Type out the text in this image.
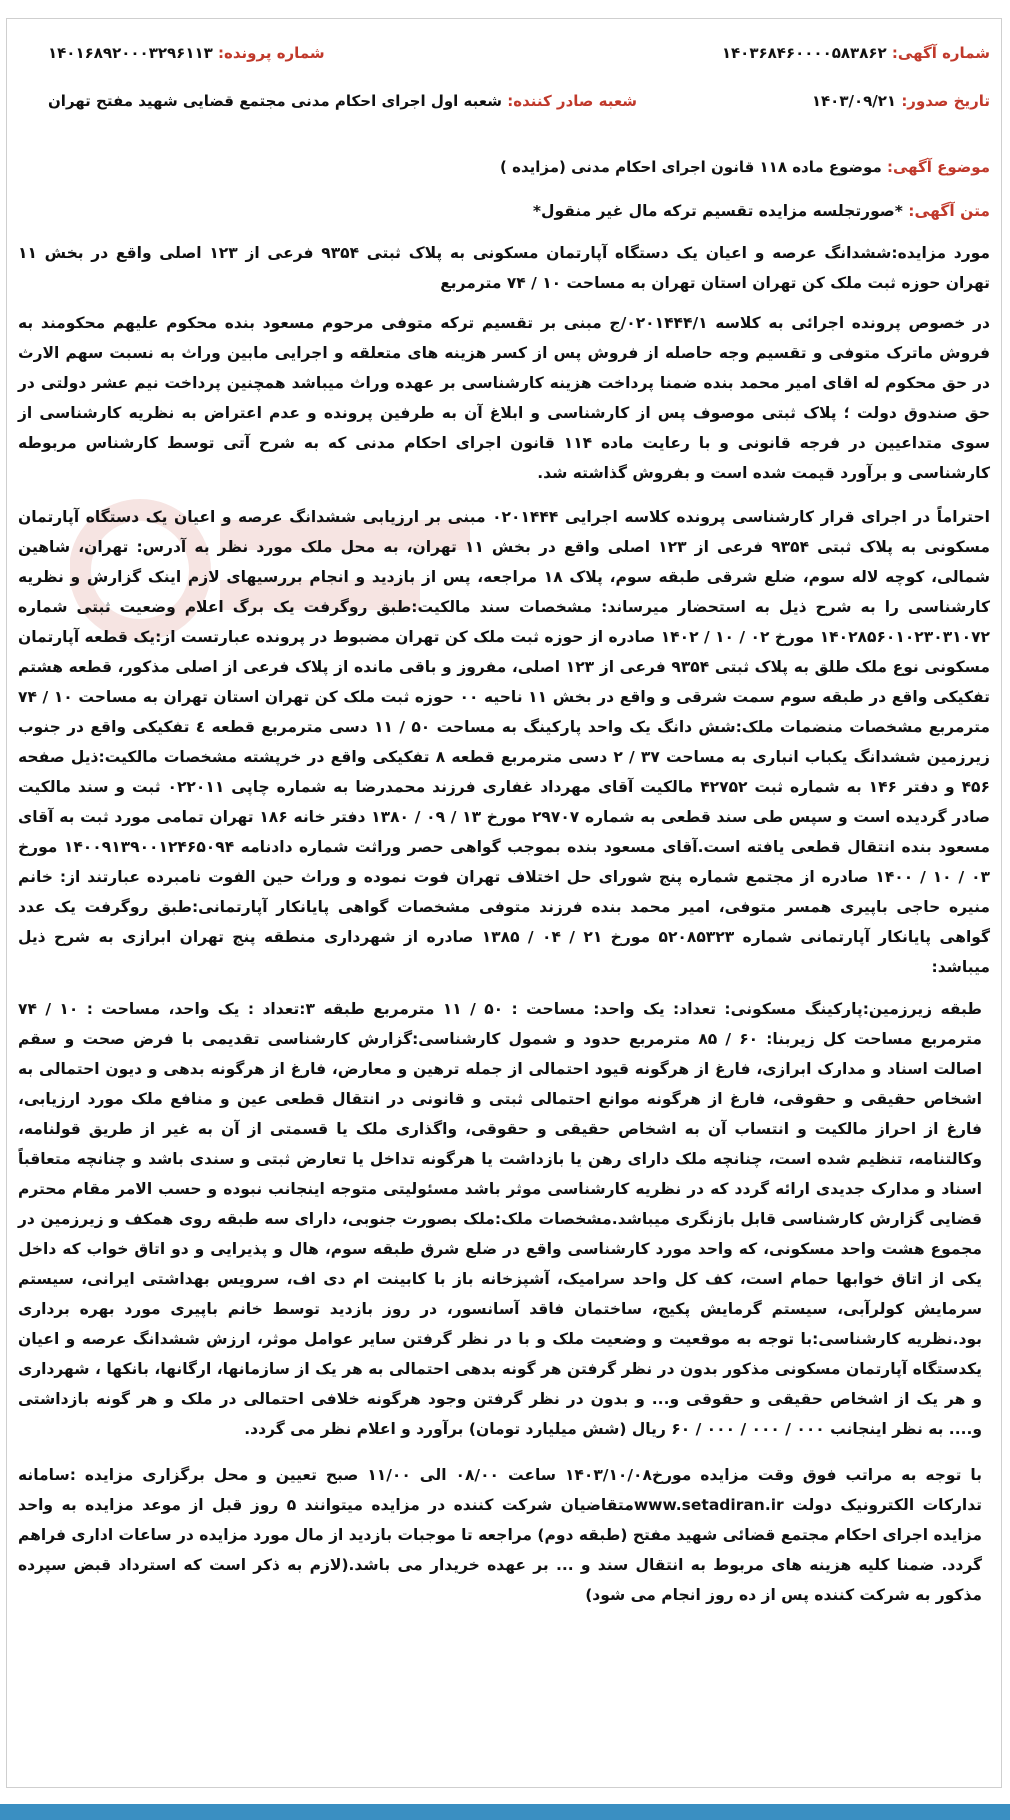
شماره آگهی: ۱۴۰۳۶۸۴۶۰۰۰۰۵۸۳۸۶۲
شماره پرونده: ۱۴۰۱۶۸۹۲۰۰۰۳۲۹۶۱۱۳
تاریخ صدور: ۱۴۰۳/۰۹/۲۱
شعبه صادر کننده: شعبه اول اجرای احکام مدنی مجتمع قضایی شهید مفتح تهران
موضوع آگهی: موضوع ماده ۱۱۸ قانون اجرای احکام مدنی (مزایده )
متن آگهی: *صورتجلسه مزایده تقسیم ترکه مال غیر منقول*

مورد مزایده:ششدانگ عرصه و اعیان یک دستگاه آپارتمان مسکونی به پلاک ثبتی ۹۳۵۴ فرعی از ۱۲۳ اصلی واقع در بخش ۱۱ تهران حوزه ثبت ملک کن تهران استان تهران به مساحت ۱۰ / ۷۴ مترمربع

در خصوص پرونده اجرائی به کلاسه ۰۲۰۱۴۴۴/۱/ج مبنی بر تقسیم ترکه متوفی مرحوم مسعود بنده محکوم علیهم محکومند به فروش ماترک متوفی و تقسیم وجه حاصله از فروش پس از کسر هزینه های متعلقه و اجرایی مابین وراث به نسبت سهم الارث در حق محکوم له اقای امیر محمد بنده ضمنا پرداخت هزینه کارشناسی بر عهده وراث میباشد همچنین پرداخت نیم عشر دولتی در حق صندوق دولت ؛ پلاک ثبتی موصوف پس از کارشناسی و ابلاغ آن به طرفین پرونده و عدم اعتراض به نظریه کارشناسی از سوی متداعیین در فرجه قانونی و با رعایت ماده ۱۱۴ قانون اجرای احکام مدنی که به شرح آتی توسط کارشناس مربوطه کارشناسی و برآورد قیمت شده است و بفروش گذاشته شد.

احتراماً در اجرای قرار کارشناسی پرونده کلاسه اجرایی ۰۲۰۱۴۴۴ مبنی بر ارزیابی ششدانگ عرصه و اعیان یک دستگاه آپارتمان مسکونی به پلاک ثبتی ۹۳۵۴ فرعی از ۱۲۳ اصلی واقع در بخش ۱۱ تهران، به محل ملک مورد نظر به آدرس: تهران، شاهین شمالی، کوچه لاله سوم، ضلع شرقی طبقه سوم، پلاک ۱۸ مراجعه، پس از بازدید و انجام بررسیهای لازم اینک گزارش و نظریه کارشناسی را به شرح ذیل به استحضار میرساند: مشخصات سند مالکیت:طبق روگرفت یک برگ اعلام وضعیت ثبتی شماره ۱۴۰۲۸۵۶۰۱۰۲۳۰۳۱۰۷۲ مورخ ۰۲ / ۱۰ / ۱۴۰۲ صادره از حوزه ثبت ملک کن تهران مضبوط در پرونده عبارتست از:یک قطعه آپارتمان مسکونی نوع ملک طلق به پلاک ثبتی ۹۳۵۴ فرعی از ۱۲۳ اصلی، مفروز و باقی مانده از پلاک فرعی از اصلی مذکور، قطعه هشتم تفکیکی واقع در طبقه سوم سمت شرقی و واقع در بخش ۱۱ ناحیه ۰۰ حوزه ثبت ملک کن تهران استان تهران به مساحت ۱۰ / ۷۴ مترمربع مشخصات منضمات ملک:شش دانگ یک واحد پارکینگ به مساحت ۵۰ / ۱۱ دسی مترمربع قطعه ٤ تفکیکی واقع در جنوب زیرزمین ششدانگ یکباب انباری به مساحت ۳۷ / ۲ دسی مترمربع قطعه ۸ تفکیکی واقع در خرپشته مشخصات مالکیت:ذیل صفحه ۴۵۶ و دفتر ۱۴۶ به شماره ثبت ۴۲۷۵۲ مالکیت آقای مهرداد غفاری فرزند محمدرضا به شماره چاپی ۰۲۲۰۱۱ ثبت و سند مالکیت صادر گردیده است و سپس طی سند قطعی به شماره ۲۹۷۰۷ مورخ ۱۳ / ۰۹ / ۱۳۸۰ دفتر خانه ۱۸۶ تهران تمامی مورد ثبت به آقای مسعود بنده انتقال قطعی یافته است.آقای مسعود بنده بموجب گواهی حصر وراثت شماره دادنامه ۱۴۰۰۹۱۳۹۰۰۱۲۴۶۵۰۹۴ مورخ ۰۳ / ۱۰ / ۱۴۰۰ صادره از مجتمع شماره پنج شورای حل اختلاف تهران فوت نموده و وراث حین الفوت نامبرده عبارتند از: خانم منیره حاجی باپیری همسر متوفی، امیر محمد بنده فرزند متوفی مشخصات گواهی پایانکار آپارتمانی:طبق روگرفت یک عدد گواهی پایانکار آپارتمانی شماره ۵۲۰۸۵۳۲۳ مورخ ۲۱ / ۰۴ / ۱۳۸۵ صادره از شهرداری منطقه پنج تهران ابرازی به شرح ذیل میباشد:

طبقه زیرزمین:پارکینگ مسکونی: تعداد: یک واحد: مساحت : ۵۰ / ۱۱ مترمربع طبقه ۳:تعداد : یک واحد، مساحت : ۱۰ / ۷۴ مترمربع مساحت کل زیربنا: ۶۰ / ۸۵ مترمربع حدود و شمول کارشناسی:گزارش کارشناسی تقدیمی با فرض صحت و سقم اصالت اسناد و مدارک ابرازی، فارغ از هرگونه قیود احتمالی از جمله ترهین و معارض، فارغ از هرگونه بدهی و دیون احتمالی به اشخاص حقیقی و حقوقی، فارغ از هرگونه موانع احتمالی ثبتی و قانونی در انتقال قطعی عین و منافع ملک مورد ارزیابی، فارغ از احراز مالکیت و انتساب آن به اشخاص حقیقی و حقوقی، واگذاری ملک یا قسمتی از آن به غیر از طریق قولنامه، وکالتنامه، تنظیم شده است، چنانچه ملک دارای رهن یا بازداشت یا هرگونه تداخل یا تعارض ثبتی و سندی باشد و چنانچه متعاقباً اسناد و مدارک جدیدی ارائه گردد که در نظریه کارشناسی موثر باشد مسئولیتی متوجه اینجانب نبوده و حسب الامر مقام محترم قضایی گزارش کارشناسی قابل بازنگری میباشد.مشخصات ملک:ملک بصورت جنوبی، دارای سه طبقه روی همکف و زیرزمین در مجموع هشت واحد مسکونی، که واحد مورد کارشناسی واقع در ضلع شرق طبقه سوم، هال و پذیرایی و دو اتاق خواب که داخل یکی از اتاق خوابها حمام است، کف کل واحد سرامیک، آشپزخانه باز با کابینت ام دی اف، سرویس بهداشتی ایرانی، سیستم سرمایش کولرآبی، سیستم گرمایش پکیج، ساختمان فاقد آسانسور، در روز بازدید توسط خانم باپیری مورد بهره برداری بود.نظریه کارشناسی:با توجه به موقعیت و وضعیت ملک و با در نظر گرفتن سایر عوامل موثر، ارزش ششدانگ عرصه و اعیان یکدستگاه آپارتمان مسکونی مذکور بدون در نظر گرفتن هر گونه بدهی احتمالی به هر یک از سازمانها، ارگانها، بانکها ، شهرداری و هر یک از اشخاص حقیقی و حقوقی و... و بدون در نظر گرفتن وجود هرگونه خلافی احتمالی در ملک و هر گونه بازداشتی و.... به نظر اینجانب ۰۰۰ / ۰۰۰ / ۰۰۰ / ۶۰ ریال (شش میلیارد تومان) برآورد و اعلام نظر می گردد.

با توجه به مراتب فوق وقت مزایده مورخ۱۴۰۳/۱۰/۰۸ ساعت ۰۸/۰۰ الی ۱۱/۰۰ صبح تعیین و محل برگزاری مزایده :سامانه تدارکات الکترونیک دولت www.setadiran.irمتقاضیان شرکت کننده در مزایده میتوانند ۵ روز قبل از موعد مزایده به واحد مزایده اجرای احکام مجتمع قضائی شهید مفتح (طبقه دوم) مراجعه تا موجبات بازدید از مال مورد مزایده در ساعات اداری فراهم گردد. ضمنا کلیه هزینه های مربوط به انتقال سند و ... بر عهده خریدار می باشد.(لازم به ذکر است که استرداد قبض سپرده مذکور به شرکت کننده پس از ده روز انجام می شود)
